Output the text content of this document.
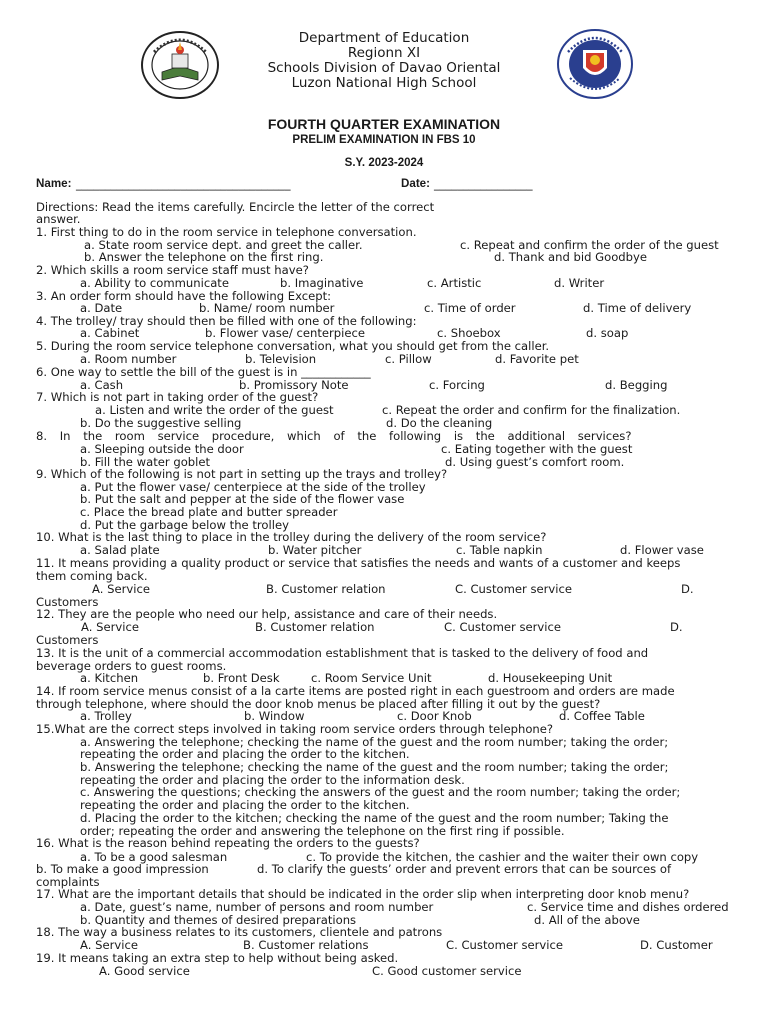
Department of Education
Regionn XI
Schools Division of Davao Oriental
Luzon National High School
FOURTH QUARTER EXAMINATION
PRELIM EXAMINATION IN FBS 10
S.Y. 2023-2024
Name: _____________________________________	Date: _________________
Directions: Read the items carefully. Encircle the letter of the correct
answer.
1. First thing to do in the room service in telephone conversation.
a. State room service dept. and greet the caller.	c. Repeat and confirm the order of the guest
b. Answer the telephone on the first ring.	d. Thank and bid Goodbye
2. Which skills a room service staff must have?
a. Ability to communicate	b. Imaginative	c. Artistic	d. Writer
3. An order form should have the following Except:
a. Date	b. Name/ room number	c. Time of order	d. Time of delivery
4. The trolley/ tray should then be filled with one of the following:
a. Cabinet	b. Flower vase/ centerpiece	c. Shoebox	d. soap
5. During the room service telephone conversation, what you should get from the caller.
a. Room number	b. Television	c. Pillow	d. Favorite pet
6. One way to settle the bill of the guest is in ____________
a. Cash	b. Promissory Note	c. Forcing	d. Begging
7. Which is not part in taking order of the guest?
a. Listen and write the order of the guest	c. Repeat the order and confirm for the finalization.
b. Do the suggestive selling	d. Do the cleaning
8. In the room service procedure, which of the following is the additional services?
a. Sleeping outside the door	c. Eating together with the guest
b. Fill the water goblet	d. Using guest’s comfort room.
9. Which of the following is not part in setting up the trays and trolley?
a. Put the flower vase/ centerpiece at the side of the trolley
b. Put the salt and pepper at the side of the flower vase
c. Place the bread plate and butter spreader
d. Put the garbage below the trolley
10. What is the last thing to place in the trolley during the delivery of the room service?
a. Salad plate	b. Water pitcher	c. Table napkin	d. Flower vase
11. It means providing a quality product or service that satisfies the needs and wants of a customer and keeps
them coming back.
A. Service	B. Customer relation	C. Customer service	D.
Customers
12. They are the people who need our help, assistance and care of their needs.
A. Service	B. Customer relation	C. Customer service	D.
Customers
13. It is the unit of a commercial accommodation establishment that is tasked to the delivery of food and
beverage orders to guest rooms.
a. Kitchen	b. Front Desk	c. Room Service Unit	d. Housekeeping Unit
14. If room service menus consist of a la carte items are posted right in each guestroom and orders are made
through telephone, where should the door knob menus be placed after filling it out by the guest?
a. Trolley	b. Window	c. Door Knob	d. Coffee Table
15.What are the correct steps involved in taking room service orders through telephone?
a. Answering the telephone; checking the name of the guest and the room number; taking the order;
repeating the order and placing the order to the kitchen.
b. Answering the telephone; checking the name of the guest and the room number; taking the order;
repeating the order and placing the order to the information desk.
c. Answering the questions; checking the answers of the guest and the room number; taking the order;
repeating the order and placing the order to the kitchen.
d. Placing the order to the kitchen; checking the name of the guest and the room number; Taking the
order; repeating the order and answering the telephone on the first ring if possible.
16. What is the reason behind repeating the orders to the guests?
a. To be a good salesman	c. To provide the kitchen, the cashier and the waiter their own copy
b. To make a good impression	d. To clarify the guests’ order and prevent errors that can be sources of
complaints
17. What are the important details that should be indicated in the order slip when interpreting door knob menu?
a. Date, guest’s name, number of persons and room number	c. Service time and dishes ordered
b. Quantity and themes of desired preparations	d. All of the above
18. The way a business relates to its customers, clientele and patrons
A. Service	B. Customer relations	C. Customer service	D. Customer
19. It means taking an extra step to help without being asked.
A. Good service	C. Good customer service
